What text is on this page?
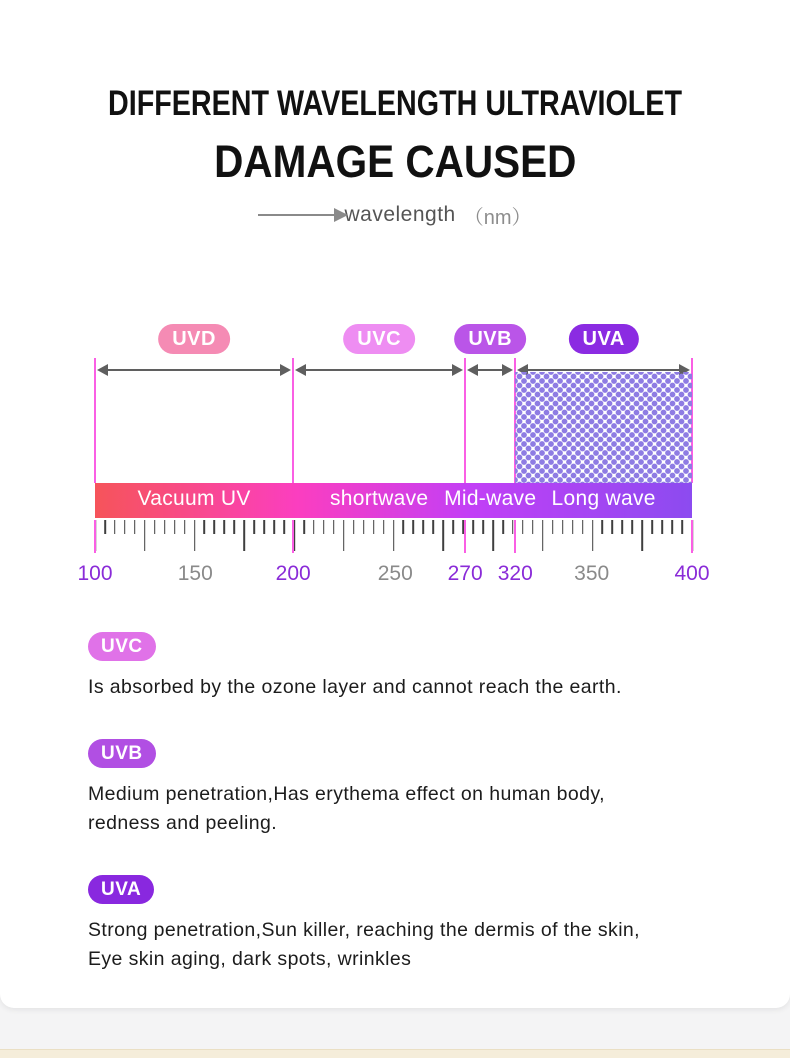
DIFFERENT WAVELENGTH ULTRAVIOLET
DAMAGE CAUSED
wavelength （nm）
UVD	UVC	UVB	UVA
Vacuum UV	shortwave Mid-wave Long wave
100	150	200	250 270 320 350	400
UVC
Is absorbed by the ozone layer and cannot reach the earth.
UVB
Medium penetration,Has erythema effect on human body,
redness and peeling.
UVA
Strong penetration,Sun killer, reaching the dermis of the skin,
Eye skin aging, dark spots, wrinkles
